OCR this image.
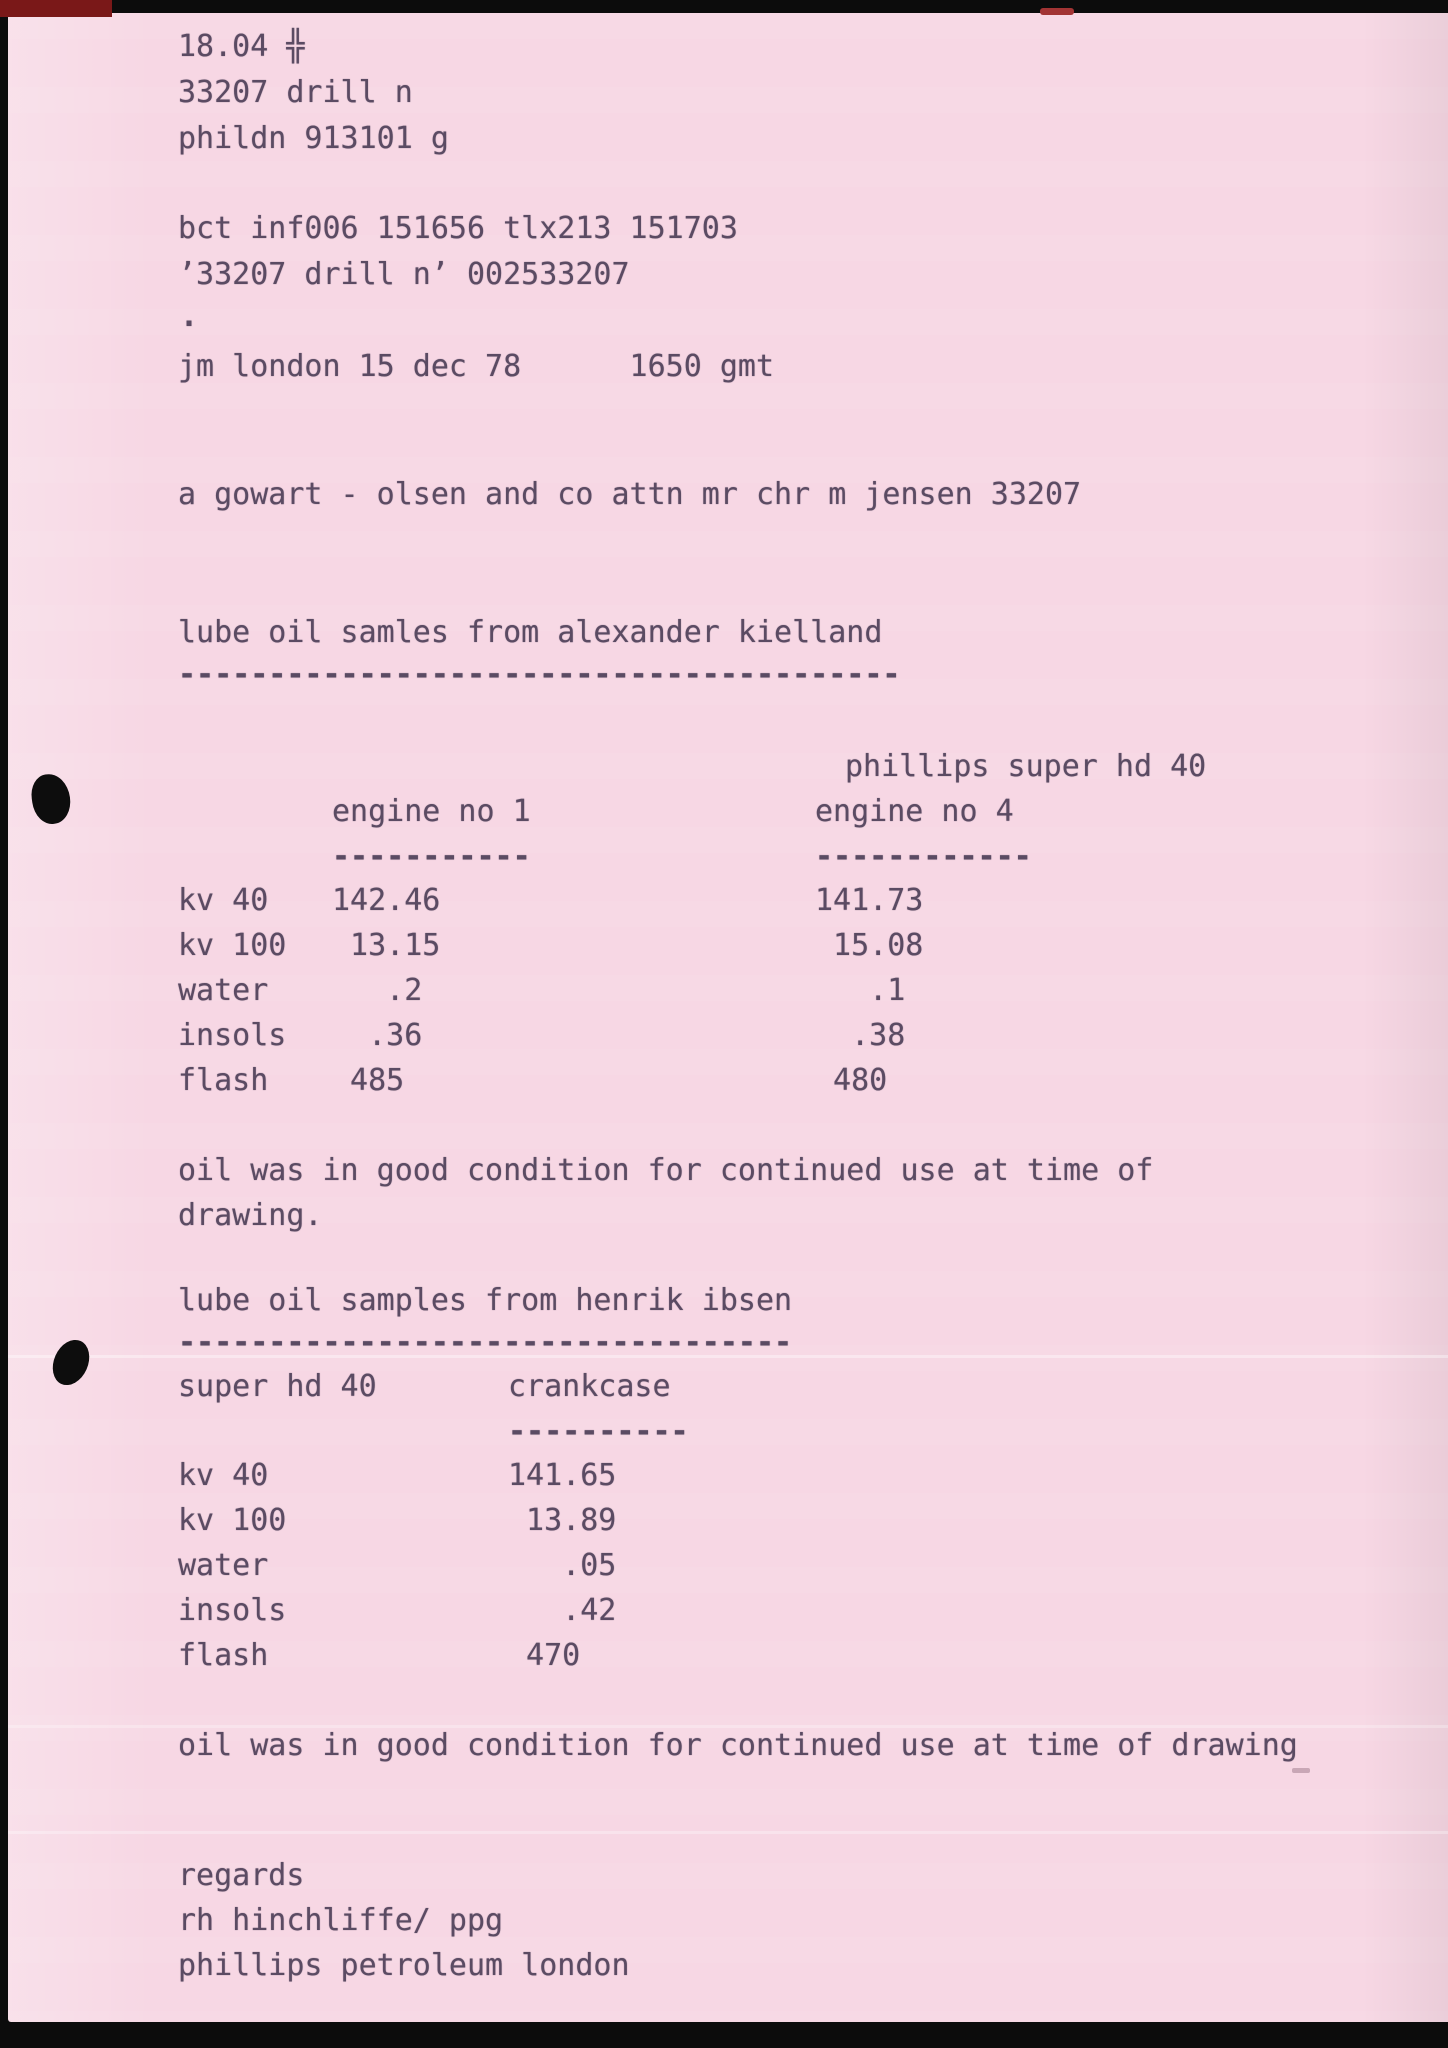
18.04 ╬
33207 drill n
phildn 913101 g
bct inf006 151656 tlx213 151703
’33207 drill n’ 002533207
.
jm london 15 dec 78      1650 gmt
a gowart - olsen and co attn mr chr m jensen 33207
lube oil samles from alexander kielland
----------------------------------------
phillips super hd 40
engine no 1	engine no 4
-----------	------------
kv 40 142.46	141.73
kv 100 13.15	15.08
water .2	.1
insols .36	.38
flash 485	480
oil was in good condition for continued use at time of
drawing.
lube oil samples from henrik ibsen
----------------------------------
super hd 40	crankcase
----------
kv 40	141.65
kv 100	13.89
water	.05
insols	.42
flash	470
oil was in good condition for continued use at time of drawing
regards
rh hinchliffe/ ppg
phillips petroleum london
